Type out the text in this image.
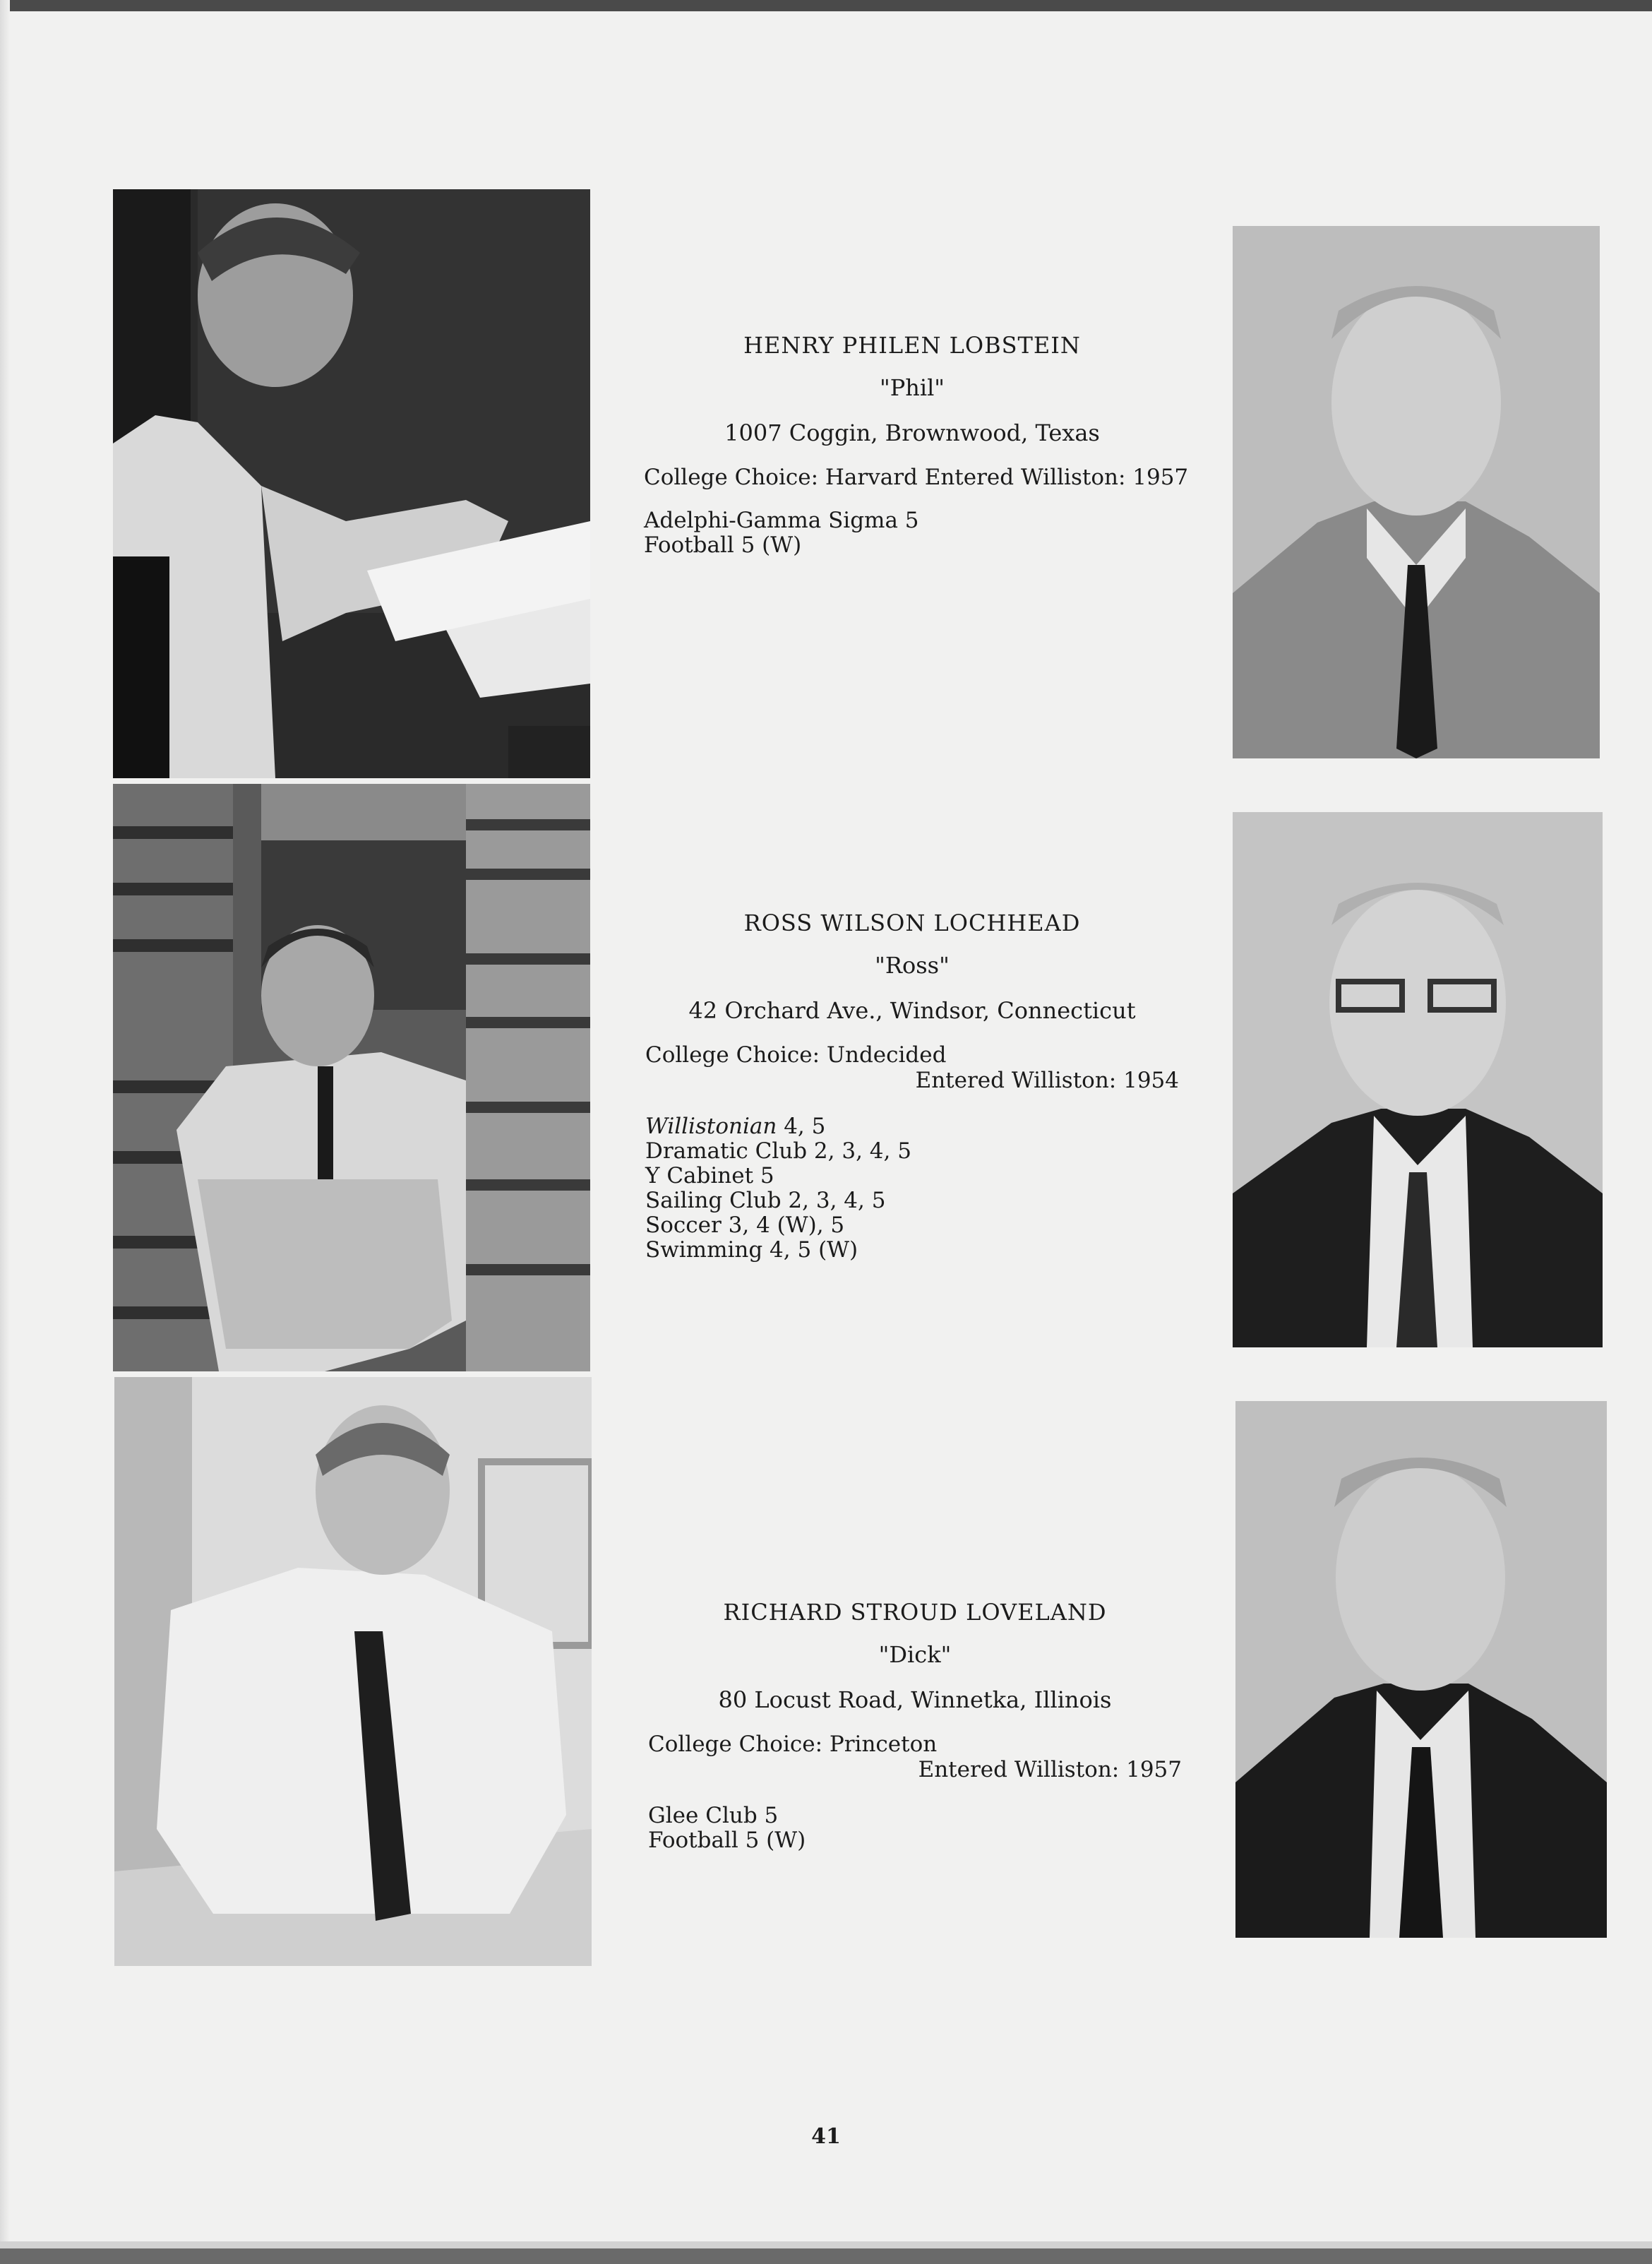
HENRY PHILEN LOBSTEIN
"Phil"
1007 Coggin, Brownwood, Texas
College Choice: Harvard Entered Williston: 1957
Adelphi-Gamma Sigma 5
Football 5 (W)
ROSS WILSON LOCHHEAD
"Ross"
42 Orchard Ave., Windsor, Connecticut
College Choice: Undecided
Entered Williston: 1954
Willistonian 4, 5
Dramatic Club 2, 3, 4, 5
Y Cabinet 5
Sailing Club 2, 3, 4, 5
Soccer 3, 4 (W), 5
Swimming 4, 5 (W)
RICHARD STROUD LOVELAND
"Dick"
80 Locust Road, Winnetka, Illinois
College Choice: Princeton
Entered Williston: 1957
Glee Club 5
Football 5 (W)
41
